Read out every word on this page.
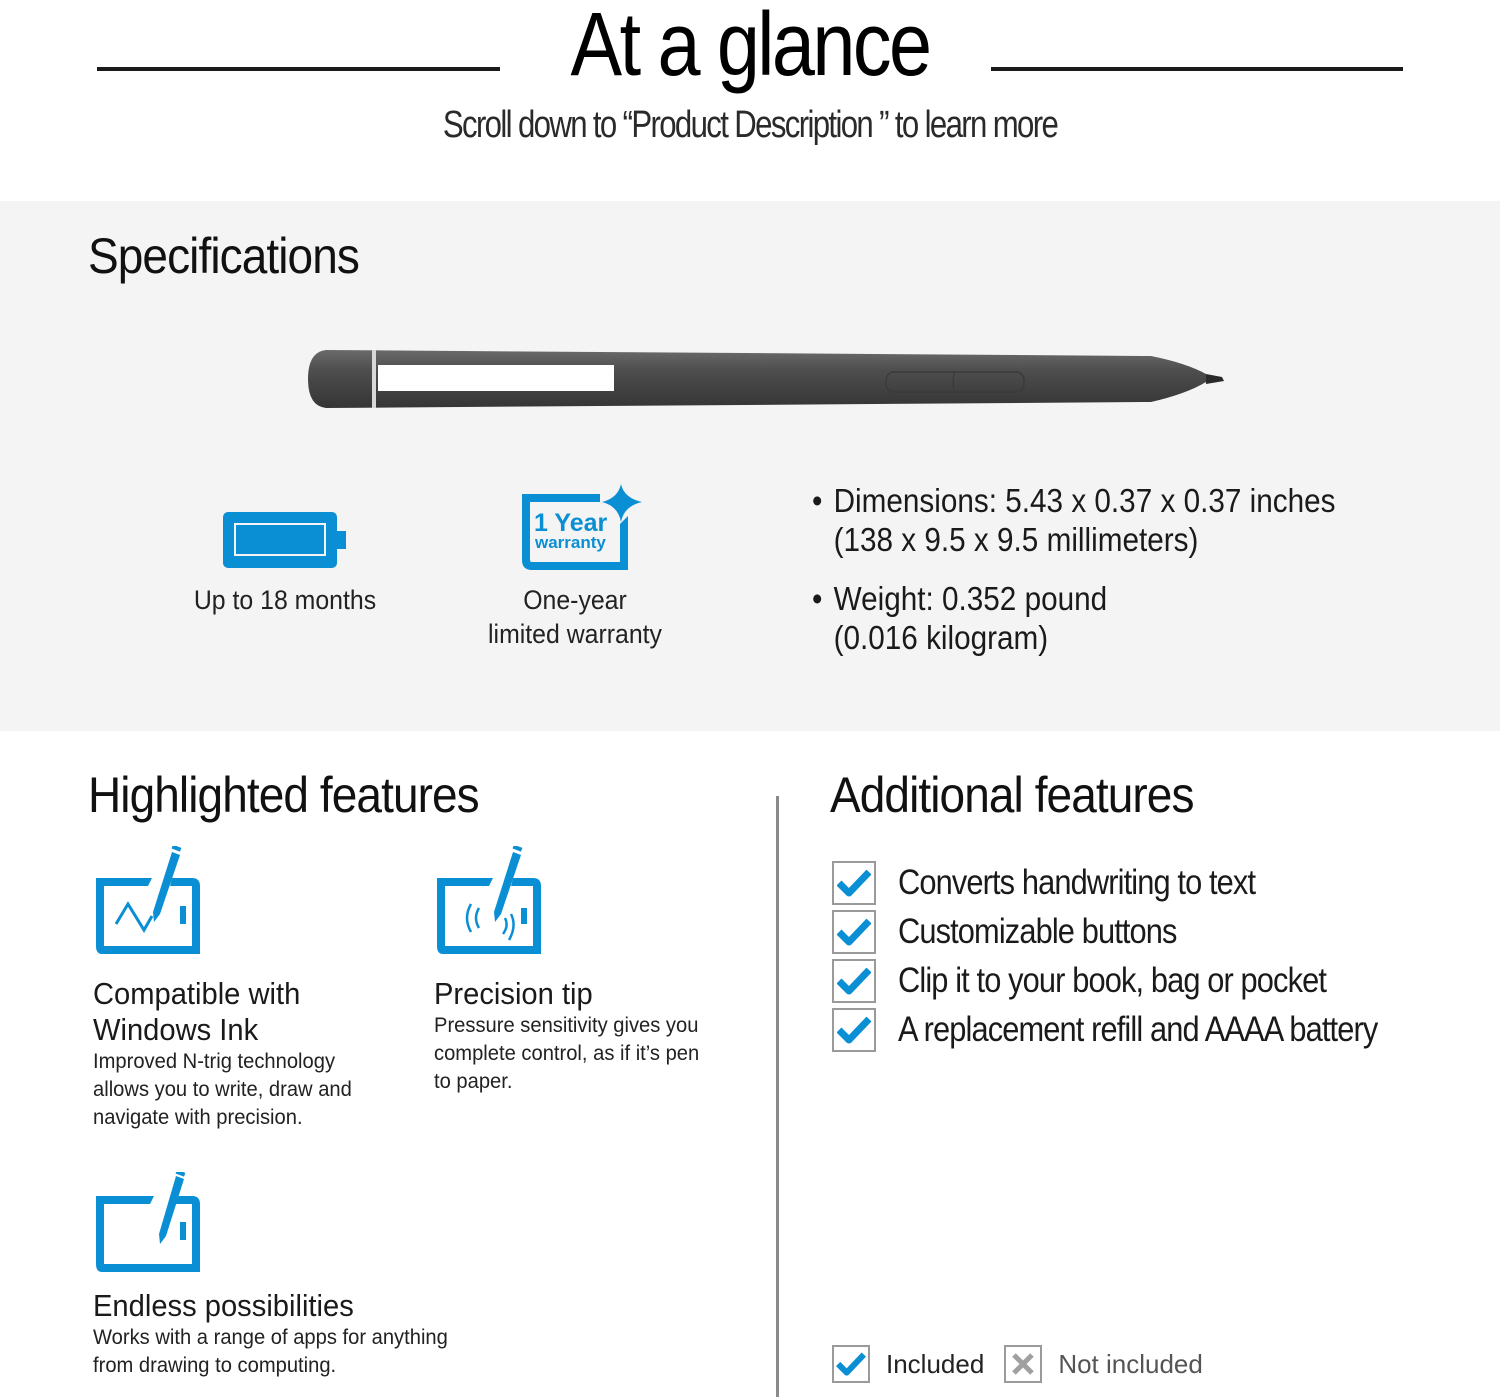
At a glance
Scroll down to “Product Description ” to learn more
Specifications
Up to 18 months
1 Year
warranty
One-year
limited warranty
• Dimensions: 5.43 x 0.37 x 0.37 inches
(138 x 9.5 x 9.5 millimeters)
• Weight: 0.352 pound
(0.016 kilogram)
Highlighted features
Compatible with
Windows Ink
Improved N-trig technology
allows you to write, draw and
navigate with precision.
Precision tip
Pressure sensitivity gives you
complete control, as if it’s pen
to paper.
Endless possibilities
Works with a range of apps for anything
from drawing to computing.
Additional features
Converts handwriting to text
Customizable buttons
Clip it to your book, bag or pocket
A replacement refill and AAAA battery
Included	Not included
